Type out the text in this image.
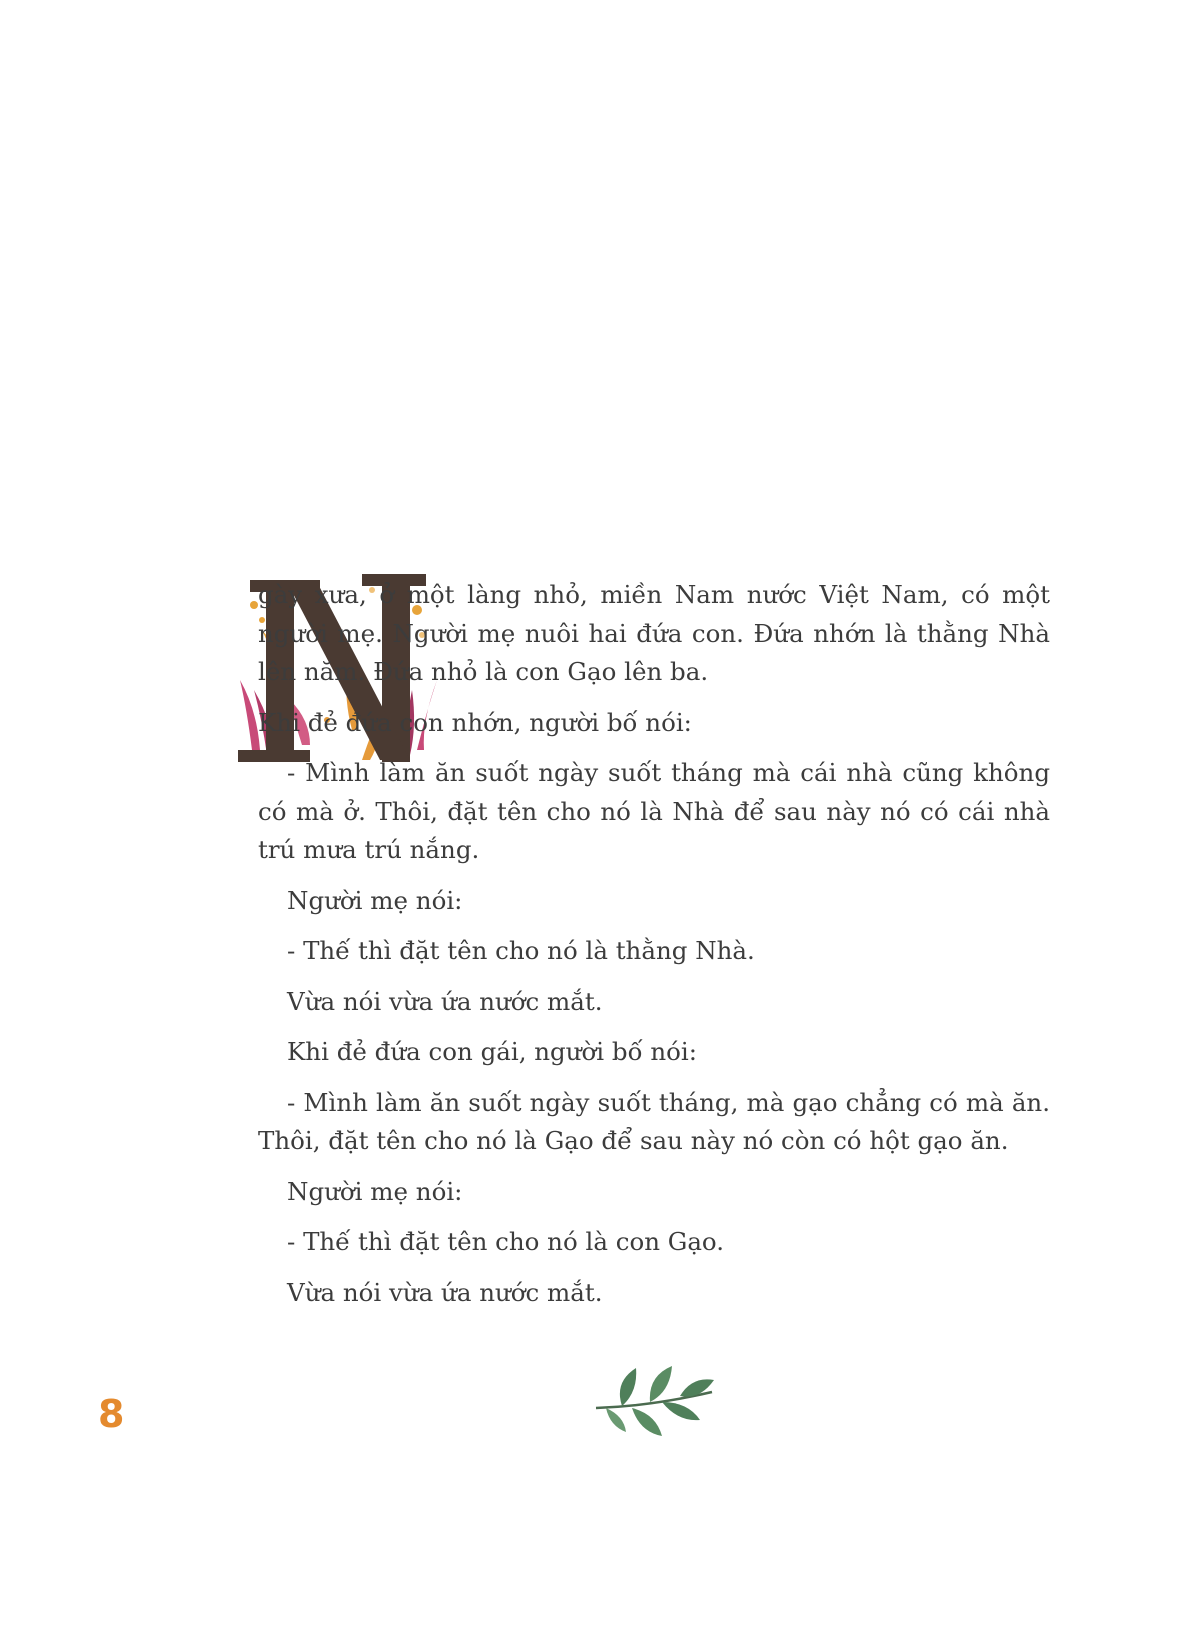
gày xưa, ở một làng nhỏ, miền Nam nước Việt Nam, có một người mẹ. Người mẹ nuôi hai đứa con. Đứa nhớn là thằng Nhà lên năm. Đứa nhỏ là con Gạo lên ba.

Khi đẻ đứa con nhớn, người bố nói:

- Mình làm ăn suốt ngày suốt tháng mà cái nhà cũng không có mà ở. Thôi, đặt tên cho nó là Nhà để sau này nó có cái nhà trú mưa trú nắng.

Người mẹ nói:

- Thế thì đặt tên cho nó là thằng Nhà.

Vừa nói vừa ứa nước mắt.

Khi đẻ đứa con gái, người bố nói:

- Mình làm ăn suốt ngày suốt tháng, mà gạo chẳng có mà ăn. Thôi, đặt tên cho nó là Gạo để sau này nó còn có hột gạo ăn.

Người mẹ nói:

- Thế thì đặt tên cho nó là con Gạo.

Vừa nói vừa ứa nước mắt.

8
